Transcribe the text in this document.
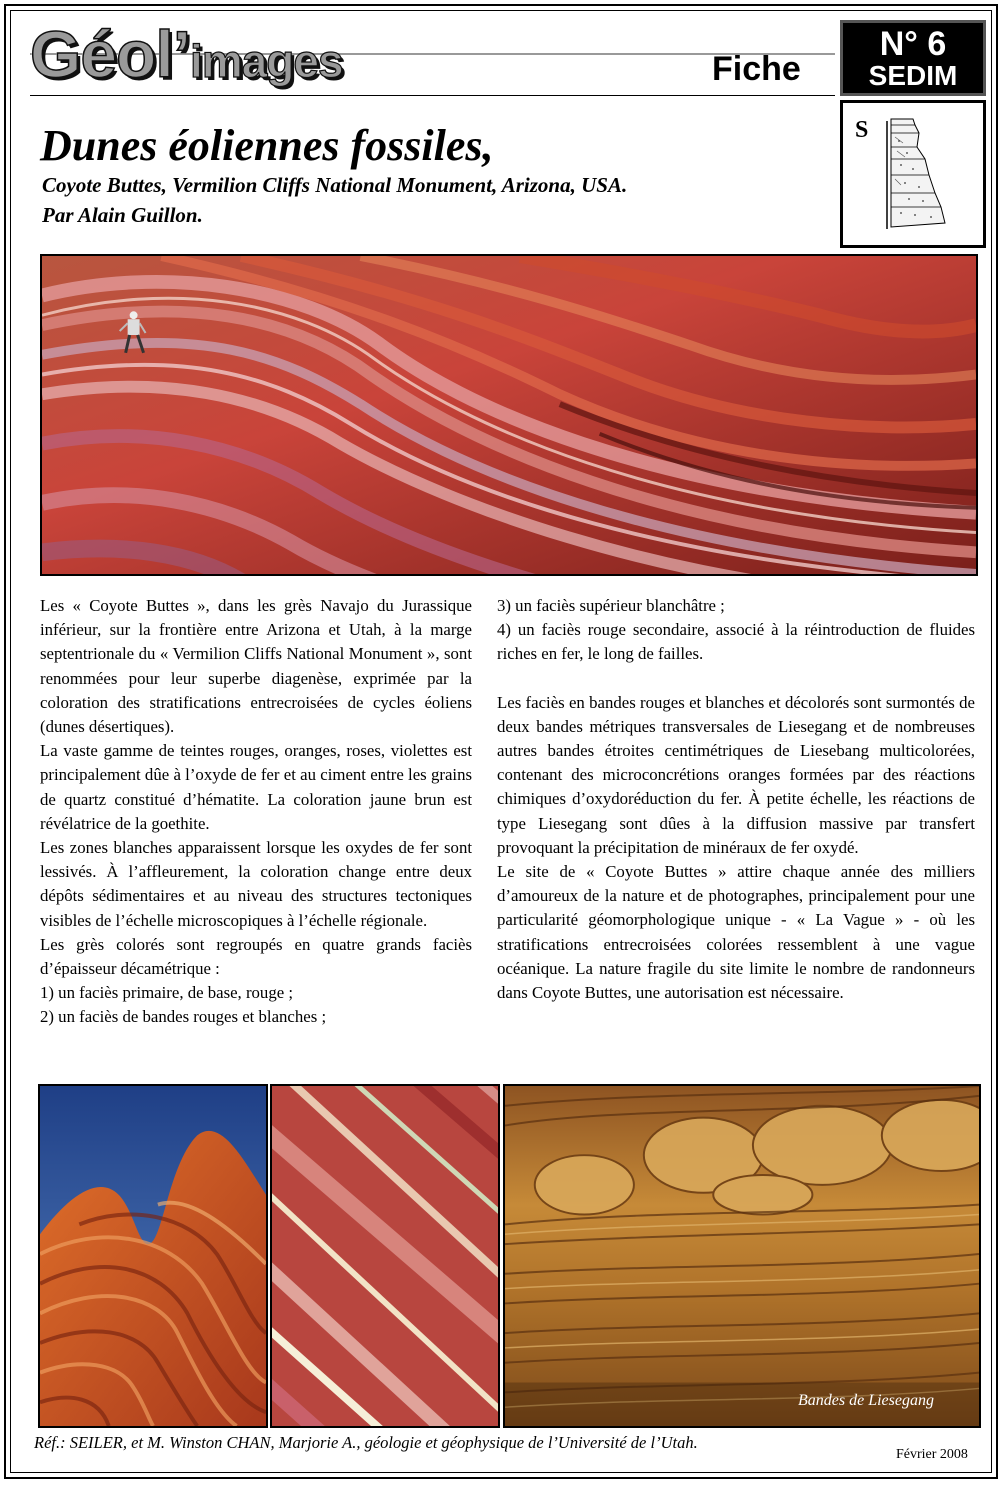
Géol’images	Fiche
N° 6
SEDIM
S
Dunes éoliennes fossiles,
Coyote Buttes, Vermilion Cliffs National Monument, Arizona, USA.
Par Alain Guillon.

Les « Coyote Buttes », dans les grès Navajo du Jurassique inférieur, sur la frontière entre Arizona et Utah, à la marge septentrionale du « Vermilion Cliffs National Monument », sont renommées pour leur superbe diagenèse, exprimée par la coloration des stratifications entrecroisées de cycles éoliens (dunes désertiques).

La vaste gamme de teintes rouges, oranges, roses, violettes est principalement dûe à l’oxyde de fer et au ciment entre les grains de quartz constitué d’hématite. La coloration jaune brun est révélatrice de la goethite.

Les zones blanches apparaissent lorsque les oxydes de fer sont lessivés. À l’affleurement, la coloration change entre deux dépôts sédimentaires et au niveau des structures tectoniques visibles de l’échelle microscopiques à l’échelle régionale.

Les grès colorés sont regroupés en quatre grands faciès d’épaisseur décamétrique :

1) un faciès primaire, de base, rouge ;

2) un faciès de bandes rouges et blanches ;

3) un faciès supérieur blanchâtre ;

4) un faciès rouge secondaire, associé à la réintroduction de fluides riches en fer, le long de failles.

Les faciès en bandes rouges et blanches et décolorés sont surmontés de deux bandes métriques transversales de Liesegang et de nombreuses autres bandes étroites centimétriques de Liesebang multicolorées, contenant des microconcrétions oranges formées par des réactions chimiques d’oxydoréduction du fer. À petite échelle, les réactions de type Liesegang sont dûes à la diffusion massive par transfert provoquant la précipitation de minéraux de fer oxydé.

Le site de « Coyote Buttes » attire chaque année des milliers d’amoureux de la nature et de photographes, principalement pour une particularité géomorphologique unique - « La Vague » - où les stratifications entrecroisées colorées ressemblent à une vague océanique. La nature fragile du site limite le nombre de randonneurs dans Coyote Buttes, une autorisation est nécessaire.

Bandes de Liesegang
Réf.: SEILER, et M. Winston CHAN, Marjorie A., géologie et géophysique de l’Université de l’Utah.
Février 2008
